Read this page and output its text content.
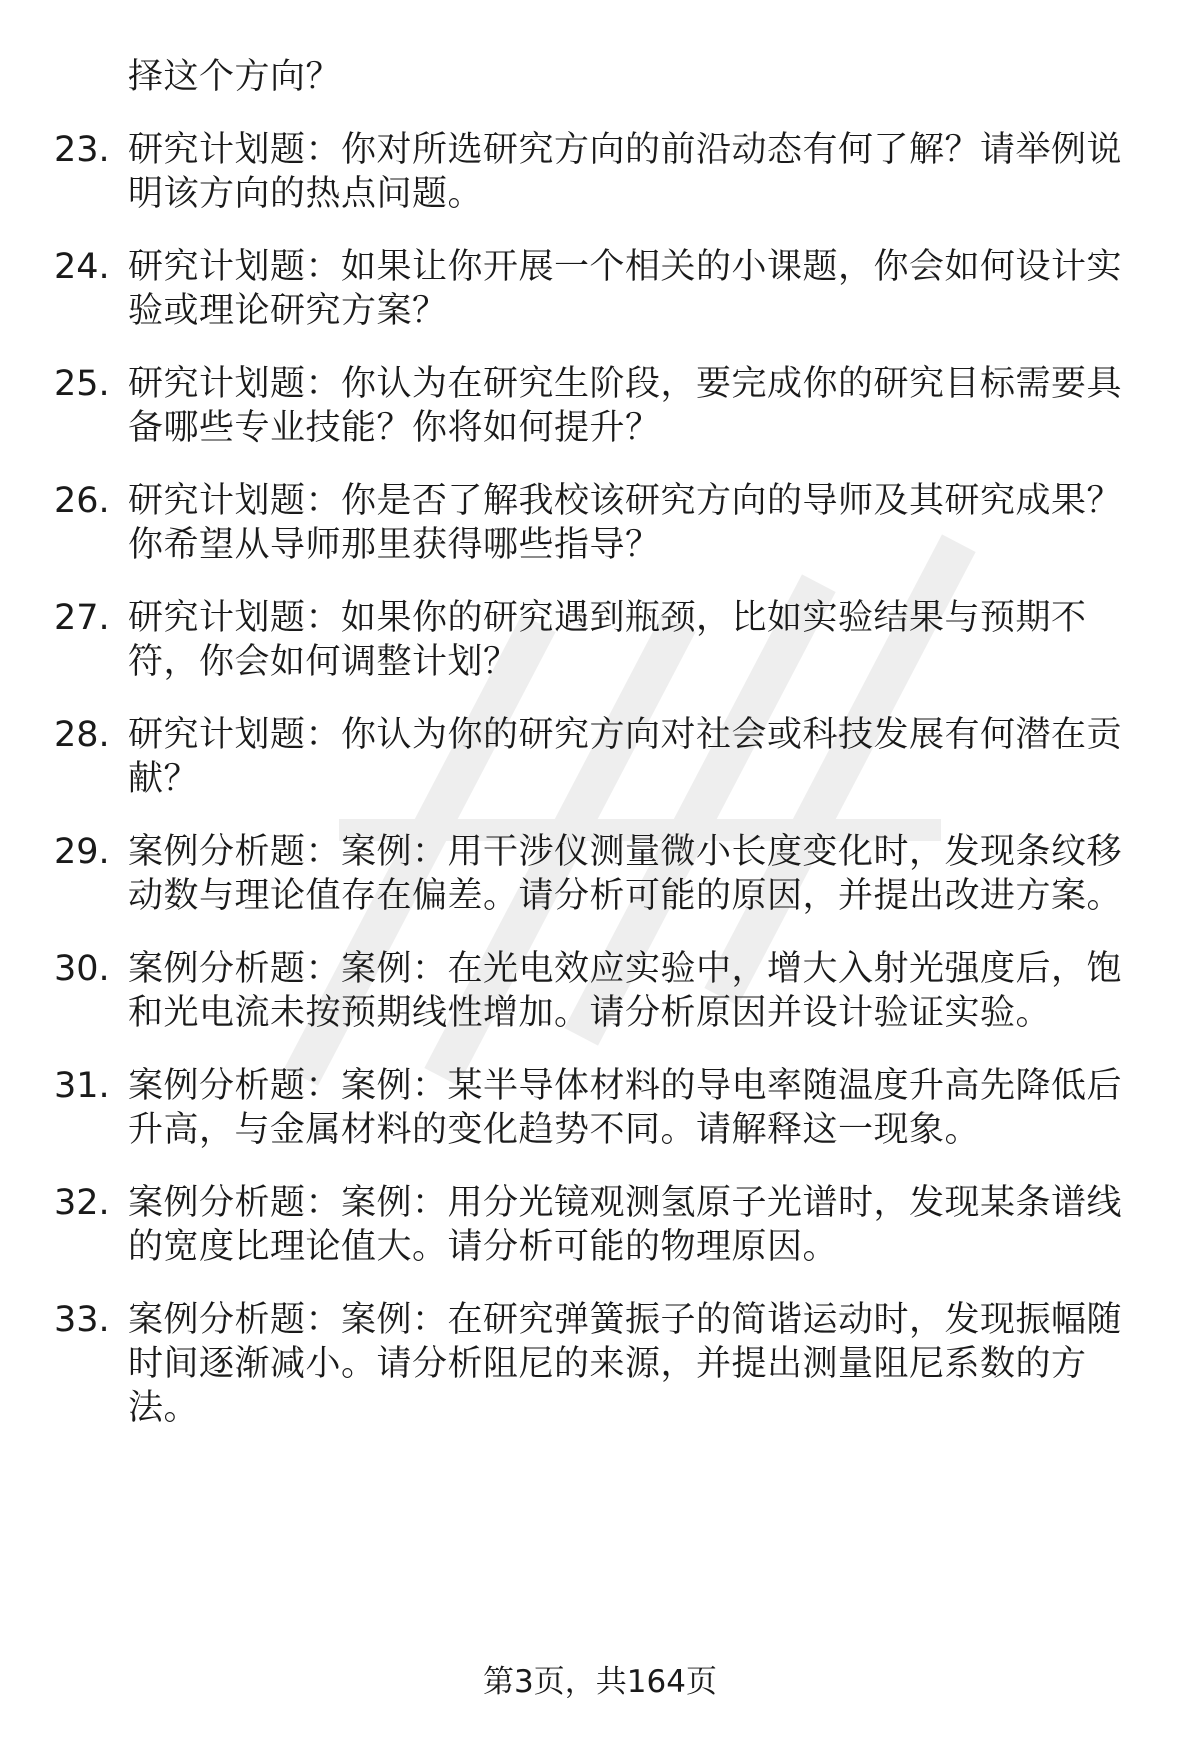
择这个方向？
23. 研究计划题：你对所选研究方向的前沿动态有何了解？请举例说
明该方向的热点问题。
24. 研究计划题：如果让你开展一个相关的小课题，你会如何设计实
验或理论研究方案？
25. 研究计划题：你认为在研究生阶段，要完成你的研究目标需要具
备哪些专业技能？你将如何提升？
26. 研究计划题：你是否了解我校该研究方向的导师及其研究成果？
你希望从导师那里获得哪些指导？
27. 研究计划题：如果你的研究遇到瓶颈，比如实验结果与预期不
符，你会如何调整计划？
28. 研究计划题：你认为你的研究方向对社会或科技发展有何潜在贡
献？
29. 案例分析题：案例：用干涉仪测量微小长度变化时，发现条纹移
动数与理论值存在偏差。请分析可能的原因，并提出改进方案。
30. 案例分析题：案例：在光电效应实验中，增大入射光强度后，饱
和光电流未按预期线性增加。请分析原因并设计验证实验。
31. 案例分析题：案例：某半导体材料的导电率随温度升高先降低后
升高，与金属材料的变化趋势不同。请解释这一现象。
32. 案例分析题：案例：用分光镜观测氢原子光谱时，发现某条谱线
的宽度比理论值大。请分析可能的物理原因。
33. 案例分析题：案例：在研究弹簧振子的简谐运动时，发现振幅随
时间逐渐减小。请分析阻尼的来源，并提出测量阻尼系数的方
法。
第3页，共164页
